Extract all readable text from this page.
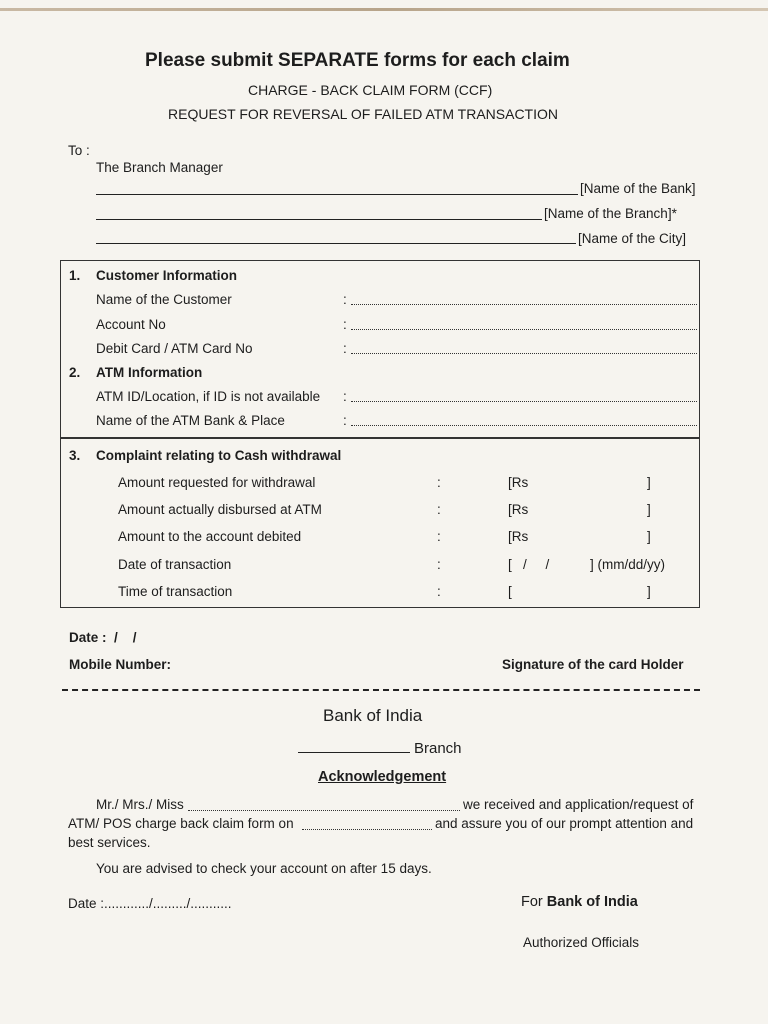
Please submit SEPARATE forms for each claim
CHARGE - BACK CLAIM FORM (CCF)
REQUEST FOR REVERSAL OF FAILED ATM TRANSACTION
To :
The Branch Manager
[Name of the Bank]
[Name of the Branch]*
[Name of the City]
1. Customer Information
Name of the Customer	:
Account No	:
Debit Card / ATM Card No	:
2. ATM Information
ATM ID/Location, if ID is not available :
Name of the ATM Bank & Place	:
3. Complaint relating to Cash withdrawal
Amount requested for withdrawal	:	[Rs	]
Amount actually disbursed at ATM	:	[Rs	]
Amount to the account debited	:	[Rs	]
Date of transaction	:	[   /     /	] (mm/dd/yy)
Time of transaction	:	[	]
Date :  /    /
Mobile Number:	Signature of the card Holder
Bank of India
Branch
Acknowledgement
Mr./ Mrs./ Miss	we received and application/request of
ATM/ POS charge back claim form on	and assure you of our prompt attention and
best services.
You are advised to check your account on after 15 days.
Date :............/........./...........	For Bank of India
Authorized Officials
